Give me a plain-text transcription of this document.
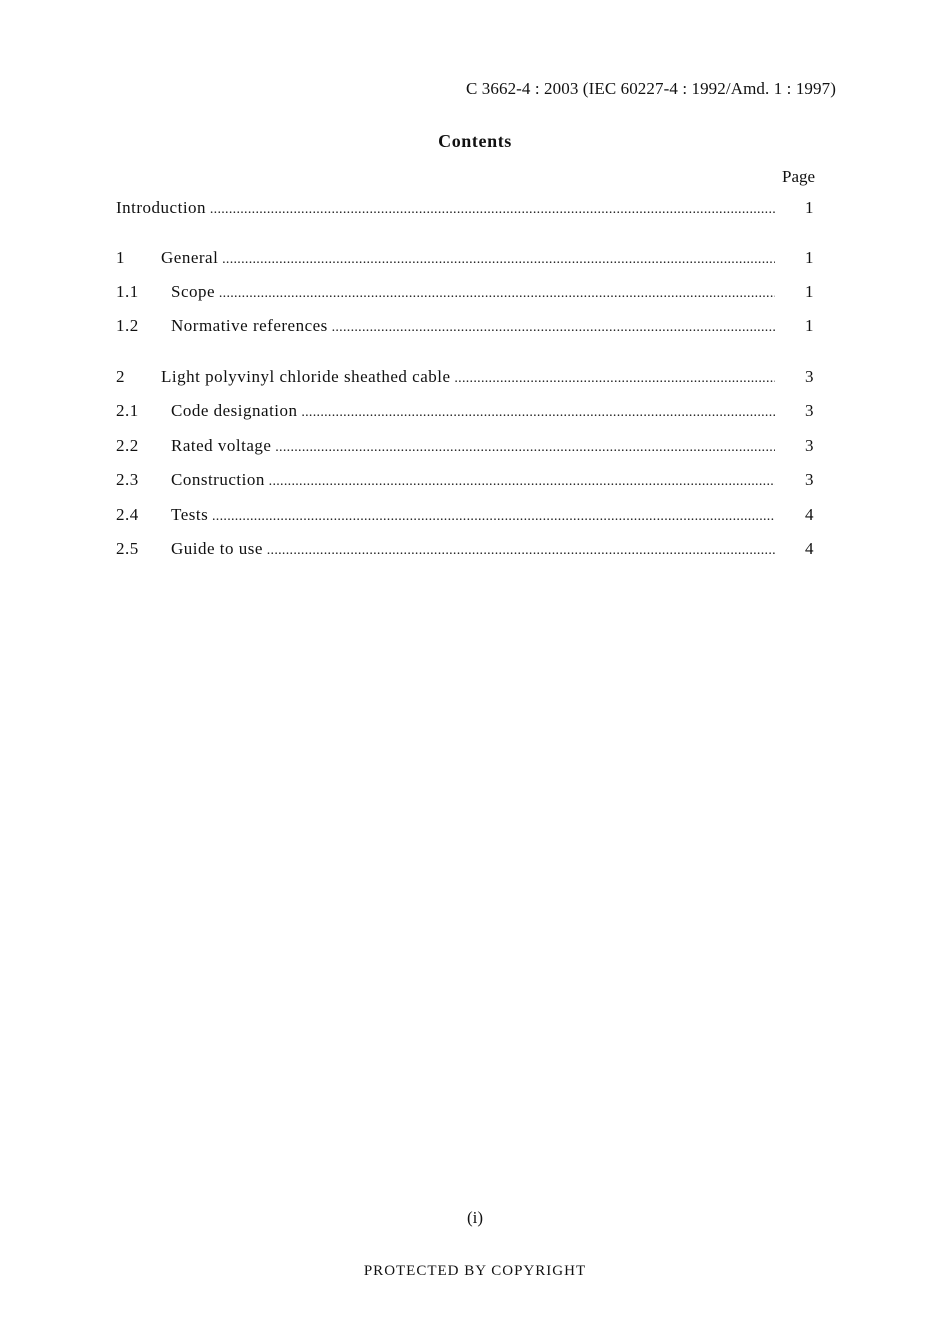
C 3662-4 : 2003 (IEC 60227-4 : 1992/Amd. 1 : 1997)
Contents
Page
Introduction .....	1
1 General .....	1
1.1 Scope .....	1
1.2 Normative references .....	1
2 Light polyvinyl chloride sheathed cable .....	3
2.1 Code designation .....	3
2.2 Rated voltage .....	3
2.3 Construction .....	3
2.4 Tests .....	4
2.5 Guide to use .....	4
(i)
PROTECTED BY COPYRIGHT
